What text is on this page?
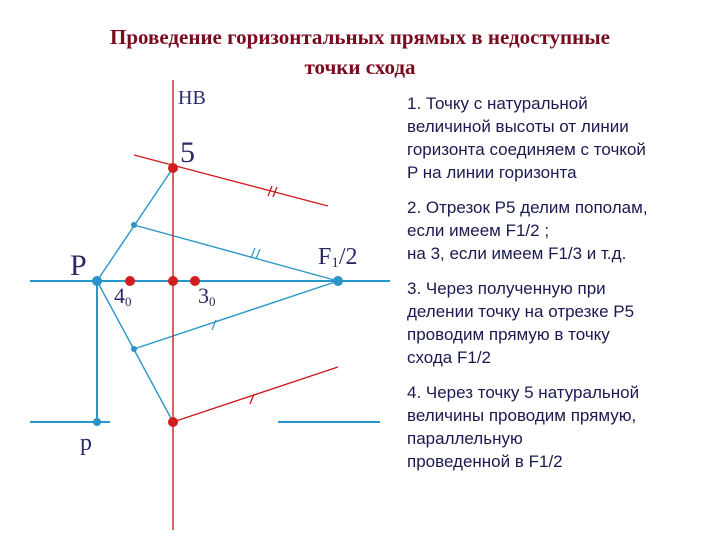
Проведение горизонтальных прямых в недоступные
точки схода
HB
5
P
40	30
F1/2
p
1. Точку с натуральной
величиной высоты от линии
горизонта соединяем с точкой
P на линии горизонта
2. Отрезок P5 делим пополам,
если имеем F1/2 ;
на 3, если имеем F1/3 и т.д.
3. Через полученную при
делении точку на отрезке P5
проводим прямую в точку
схода F1/2
4. Через точку 5 натуральной
величины проводим прямую,
параллельную
проведенной в F1/2
